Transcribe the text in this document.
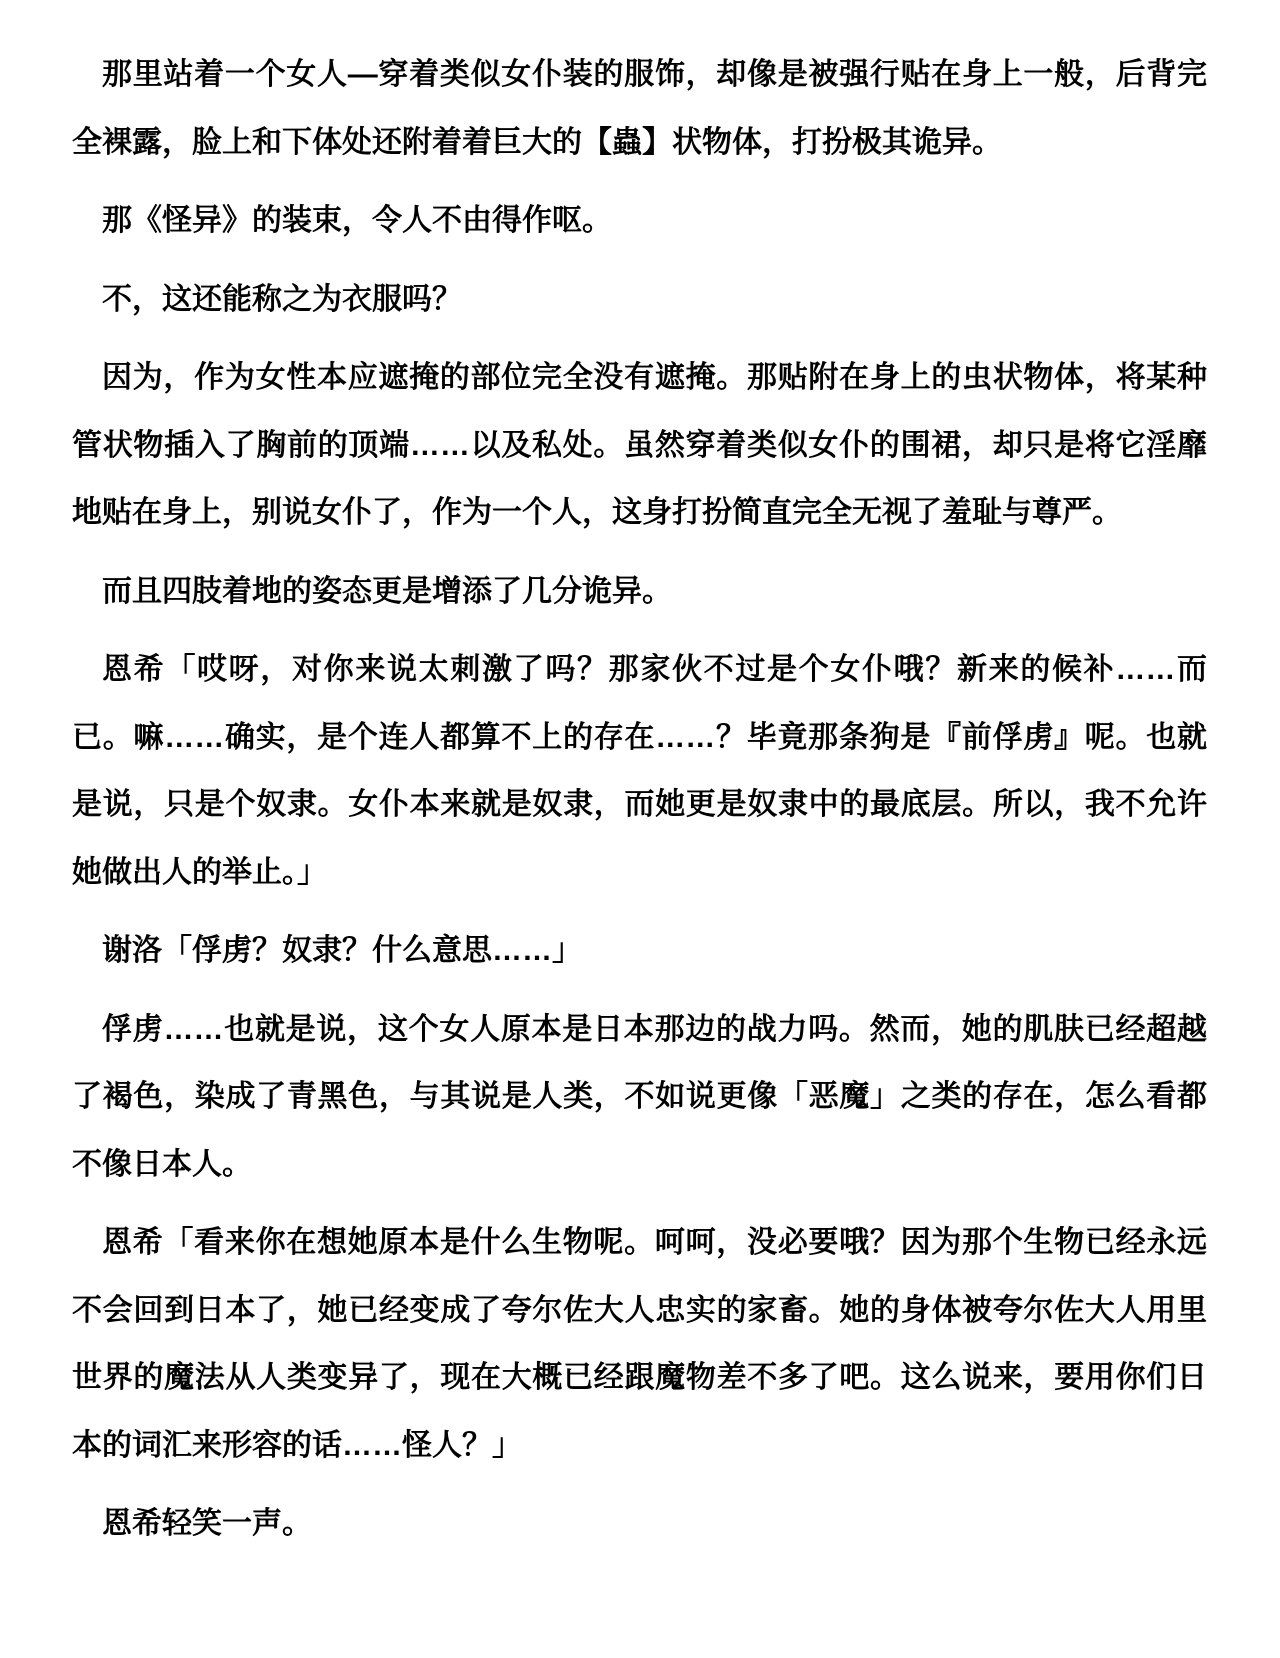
那里站着一个女人—穿着类似女仆装的服饰，却像是被强行贴在身上一般，后背完全裸露，脸上和下体处还附着着巨大的【蟲】状物体，打扮极其诡异。

那《怪异》的装束，令人不由得作呕。

不，这还能称之为衣服吗？

因为，作为女性本应遮掩的部位完全没有遮掩。那贴附在身上的虫状物体，将某种管状物插入了胸前的顶端……以及私处。虽然穿着类似女仆的围裙，却只是将它淫靡地贴在身上，别说女仆了，作为一个人，这身打扮简直完全无视了羞耻与尊严。

而且四肢着地的姿态更是增添了几分诡异。

恩希「哎呀，对你来说太刺激了吗？那家伙不过是个女仆哦？新来的候补……而已。嘛……确实，是个连人都算不上的存在……？毕竟那条狗是『前俘虏』呢。也就是说，只是个奴隶。女仆本来就是奴隶，而她更是奴隶中的最底层。所以，我不允许她做出人的举止。」

谢洛「俘虏？奴隶？什么意思……」

俘虏……也就是说，这个女人原本是日本那边的战力吗。然而，她的肌肤已经超越了褐色，染成了青黑色，与其说是人类，不如说更像「恶魔」之类的存在，怎么看都不像日本人。

恩希「看来你在想她原本是什么生物呢。呵呵，没必要哦？因为那个生物已经永远不会回到日本了，她已经变成了夸尔佐大人忠实的家畜。她的身体被夸尔佐大人用里世界的魔法从人类变异了，现在大概已经跟魔物差不多了吧。这么说来，要用你们日本的词汇来形容的话……怪人？」

恩希轻笑一声。
